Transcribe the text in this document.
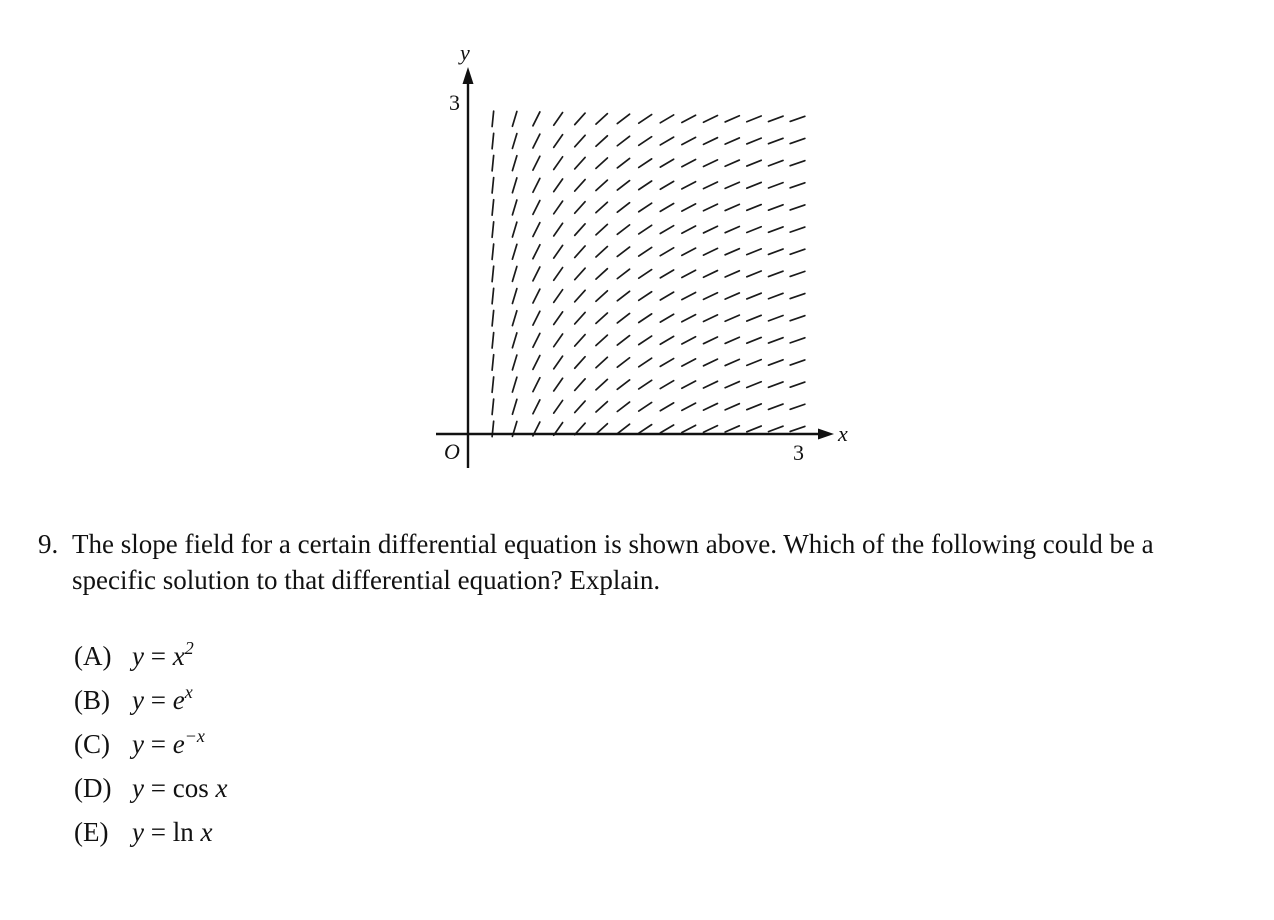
x
y
O
3
3
9. The slope field for a certain differential equation is shown above. Which of the following could be a specific solution to that differential equation? Explain.
(A) $y = x^2$
(B) $y = e^x$
(C) $y = e^{-x}$
(D) y = cos x
(E) y = ln x
